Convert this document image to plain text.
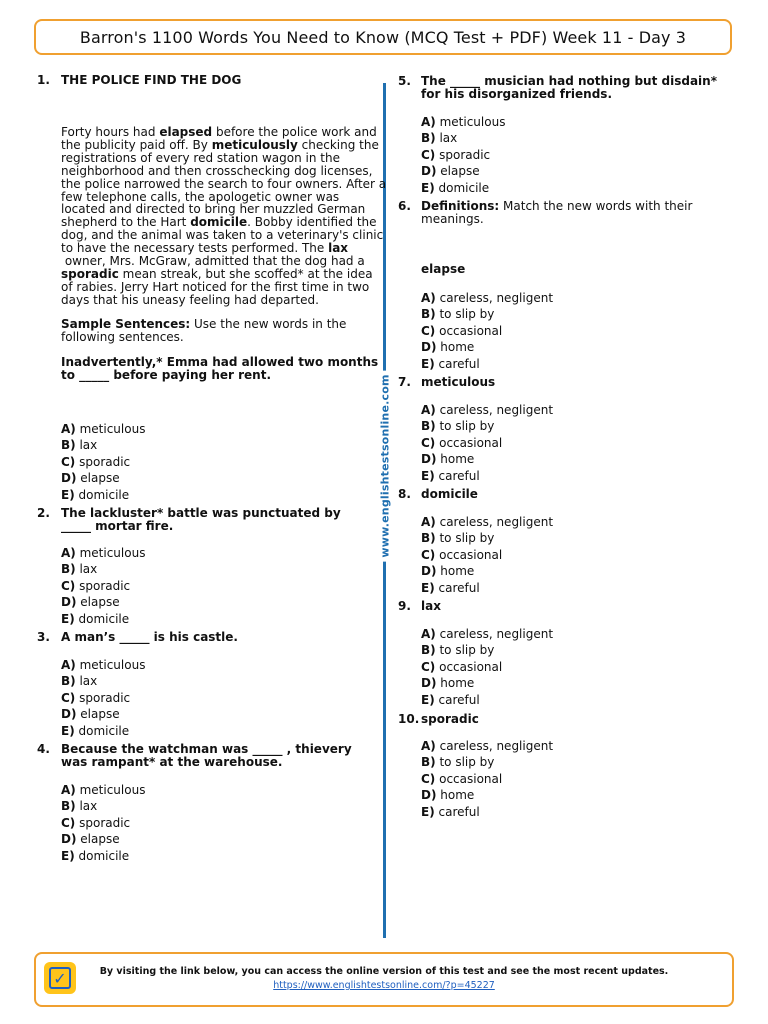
Barron's 1100 Words You Need to Know (MCQ Test + PDF) Week 11 - Day 3
www.englishtestsonline.com
1. THE POLICE FIND THE DOG
Forty hours had elapsed before the police work and
the publicity paid off. By meticulously checking the
registrations of every red station wagon in the
neighborhood and then crosschecking dog licenses,
the police narrowed the search to four owners. After a
few telephone calls, the apologetic owner was
located and directed to bring her muzzled German
shepherd to the Hart domicile. Bobby identified the
dog, and the animal was taken to a veterinary's clinic
to have the necessary tests performed. The lax
owner, Mrs. McGraw, admitted that the dog had a
sporadic mean streak, but she scoffed* at the idea
of rabies. Jerry Hart noticed for the first time in two
days that his uneasy feeling had departed.
Sample Sentences: Use the new words in the following sentences.
Inadvertently,* Emma had allowed two months to _____ before paying her rent.
A) meticulous
B) lax
C) sporadic
D) elapse
E) domicile
2. The lackluster* battle was punctuated by _____ mortar fire.
A) meticulous
B) lax
C) sporadic
D) elapse
E) domicile
3. A man’s _____ is his castle.
A) meticulous
B) lax
C) sporadic
D) elapse
E) domicile
4. Because the watchman was _____ , thievery was rampant* at the warehouse.
A) meticulous
B) lax
C) sporadic
D) elapse
E) domicile
5. The _____ musician had nothing but disdain* for his disorganized friends.
A) meticulous
B) lax
C) sporadic
D) elapse
E) domicile
6. Definitions: Match the new words with their meanings.
elapse
A) careless, negligent
B) to slip by
C) occasional
D) home
E) careful
7. meticulous
A) careless, negligent
B) to slip by
C) occasional
D) home
E) careful
8. domicile
A) careless, negligent
B) to slip by
C) occasional
D) home
E) careful
9. lax
A) careless, negligent
B) to slip by
C) occasional
D) home
E) careful
10. sporadic
A) careless, negligent
B) to slip by
C) occasional
D) home
E) careful
✓	By visiting the link below, you can access the online version of this test and see the most recent updates.
https://www.englishtestsonline.com/?p=45227
